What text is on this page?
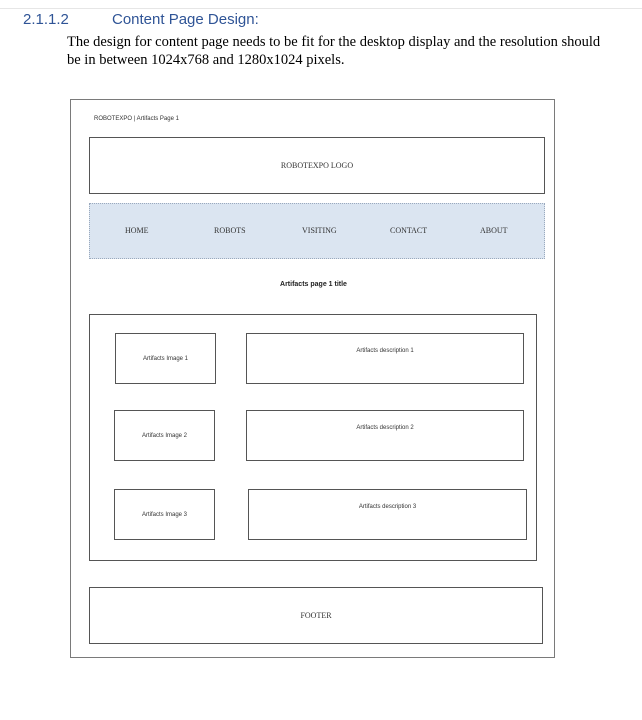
2.1.1.2	Content Page Design:
The design for content page needs to be fit for the desktop display and the resolution should be in between 1024x768 and 1280x1024 pixels.
ROBOTEXPO | Artifacts Page 1
ROBOTEXPO LOGO
HOME	ROBOTS	VISITING	CONTACT	ABOUT
Artifacts page 1 title
Artifacts Image 1
Artifacts description 1
Artifacts Image 2
Artifacts description 2
Artifacts Image 3
Artifacts description 3
FOOTER
